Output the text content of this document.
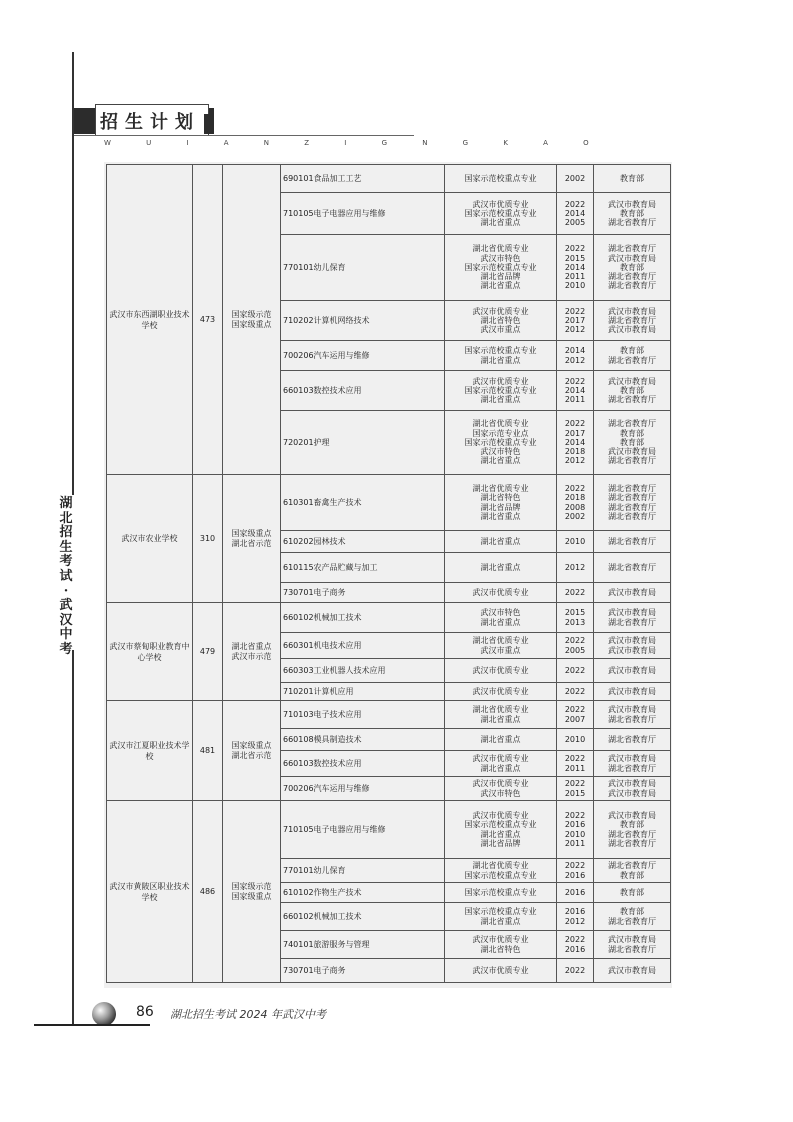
招生计划
W U I A N Z I G N G K A O
湖北招生考试·武汉中考
武汉市东西湖职业技术学校	473	国家级示范
国家级重点	690101食品加工工艺	国家示范校重点专业	2002	教育部

			710105电子电器应用与维修	武汉市优质专业
国家示范校重点专业
湖北省重点	2022
2014
2005	武汉市教育局
教育部
湖北省教育厅

			770101幼儿保育	湖北省优质专业
武汉市特色
国家示范校重点专业
湖北省品牌
湖北省重点	2022
2015
2014
2011
2010	湖北省教育厅
武汉市教育局
教育部
湖北省教育厅
湖北省教育厅

			710202计算机网络技术	武汉市优质专业
湖北省特色
武汉市重点	2022
2017
2012	武汉市教育局
湖北省教育厅
武汉市教育局

			700206汽车运用与维修	国家示范校重点专业
湖北省重点	2014
2012	教育部
湖北省教育厅

			660103数控技术应用	武汉市优质专业
国家示范校重点专业
湖北省重点	2022
2014
2011	武汉市教育局
教育部
湖北省教育厅

			720201护理	湖北省优质专业
国家示范专业点
国家示范校重点专业
武汉市特色
湖北省重点	2022
2017
2014
2018
2012	湖北省教育厅
教育部
教育部
武汉市教育局
湖北省教育厅

武汉市农业学校	310	国家级重点
湖北省示范	610301畜禽生产技术	湖北省优质专业
湖北省特色
湖北省品牌
湖北省重点	2022
2018
2008
2002	湖北省教育厅
湖北省教育厅
湖北省教育厅
湖北省教育厅

			610202园林技术	湖北省重点	2010	湖北省教育厅

			610115农产品贮藏与加工	湖北省重点	2012	湖北省教育厅

			730701电子商务	武汉市优质专业	2022	武汉市教育局

武汉市蔡甸职业教育中心学校	479	湖北省重点
武汉市示范	660102机械加工技术	武汉市特色
湖北省重点	2015
2013	武汉市教育局
湖北省教育厅

			660301机电技术应用	湖北省优质专业
武汉市重点	2022
2005	武汉市教育局
武汉市教育局

			660303工业机器人技术应用	武汉市优质专业	2022	武汉市教育局

			710201计算机应用	武汉市优质专业	2022	武汉市教育局

武汉市江夏职业技术学校	481	国家级重点
湖北省示范	710103电子技术应用	湖北省优质专业
湖北省重点	2022
2007	武汉市教育局
湖北省教育厅

			660108模具制造技术	湖北省重点	2010	湖北省教育厅

			660103数控技术应用	武汉市优质专业
湖北省重点	2022
2011	武汉市教育局
湖北省教育厅

			700206汽车运用与维修	武汉市优质专业
武汉市特色	2022
2015	武汉市教育局
武汉市教育局

武汉市黄陂区职业技术学校	486	国家级示范
国家级重点	710105电子电器应用与维修	武汉市优质专业
国家示范校重点专业
湖北省重点
湖北省品牌	2022
2016
2010
2011	武汉市教育局
教育部
湖北省教育厅
湖北省教育厅

			770101幼儿保育	湖北省优质专业
国家示范校重点专业	2022
2016	湖北省教育厅
教育部

			610102作物生产技术	国家示范校重点专业	2016	教育部

			660102机械加工技术	国家示范校重点专业
湖北省重点	2016
2012	教育部
湖北省教育厅

			740101旅游服务与管理	武汉市优质专业
湖北省特色	2022
2016	武汉市教育局
湖北省教育厅

			730701电子商务	武汉市优质专业	2022	武汉市教育局
86 湖北招生考试 2024 年武汉中考
